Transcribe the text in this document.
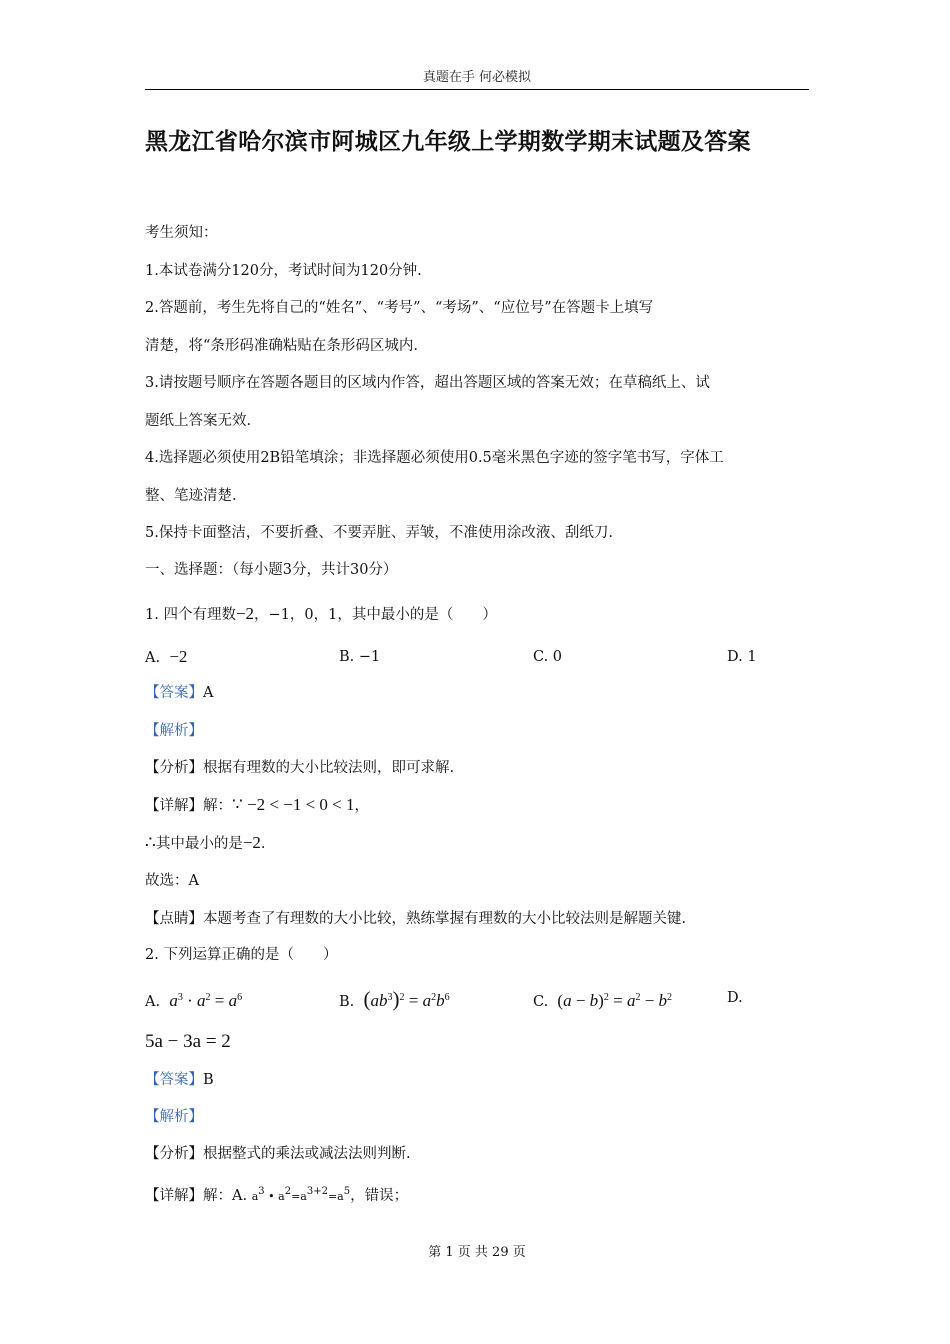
真题在手 何必模拟
黑龙江省哈尔滨市阿城区九年级上学期数学期末试题及答案
考生须知：
1.本试卷满分120分，考试时间为120分钟.
2.答题前，考生先将自己的“姓名”、“考号”、“考场”、“应位号”在答题卡上填写
清楚，将“条形码准确粘贴在条形码区城内.
3.请按题号顺序在答题各题目的区域内作答，超出答题区域的答案无效；在草稿纸上、试
题纸上答案无效.
4.选择题必须使用2B铅笔填涂；非选择题必须使用0.5毫米黑色字迹的签字笔书写，字体工
整、笔迹清楚.
5.保持卡面整洁，不要折叠、不要弄脏、弄皱，不准使用涂改液、刮纸刀.
一、选择题：（每小题3分，共计30分）
1. 四个有理数−2，−1，0，1，其中最小的是（　　）
A. −2	B. −1	C. 0	D. 1
【答案】A
【解析】
【分析】根据有理数的大小比较法则，即可求解.
【详解】解：∵ −2 < −1 < 0 < 1，
∴其中最小的是−2.
故选：A
【点睛】本题考查了有理数的大小比较，熟练掌握有理数的大小比较法则是解题关键.
2. 下列运算正确的是（　　）
A. $a^3 \cdot a^2 = a^6$	B. $(ab^3)^2 = a^2b^6$	C. $(a - b)^2 = a^2 - b^2$	D.
5a − 3a = 2
【答案】B
【解析】
【分析】根据整式的乘法或减法法则判断.
【详解】解：A. $a^3$ • $a^2=a^{3+2}=a^5$，错误；
第 1 页 共 29 页
